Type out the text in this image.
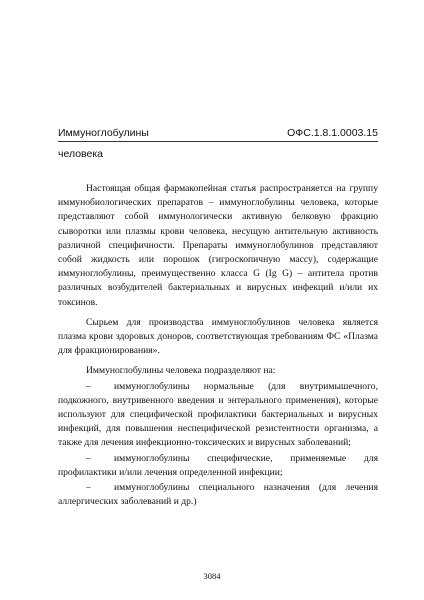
Иммуноглобулины	ОФС.1.8.1.0003.15
человека

Настоящая общая фармакопейная статья распространяется на группу иммунобиологических препаратов – иммуноглобулины человека, которые представляют собой иммунологически активную белковую фракцию сыворотки или плазмы крови человека, несущую антительную активность различной специфичности. Препараты иммуноглобулинов представляют собой жидкость или порошок (гигроскопичную массу), содержащие иммуноглобулины, преимущественно класса G (Ig G) – антитела против различных возбудителей бактериальных и вирусных инфекций и/или их токсинов.

Сырьем для производства иммуноглобулинов человека является плазма крови здоровых доноров, соответствующая требованиям ФС «Плазма для фракционирования».

Иммуноглобулины человека подразделяют на:

– иммуноглобулины нормальные (для внутримышечного, подкожного, внутривенного введения и энтерального применения), которые используют для специфической профилактики бактериальных и вирусных инфекций, для повышения неспецифической резистентности организма, а также для лечения инфекционно-токсических и вирусных заболеваний;

– иммуноглобулины специфические, применяемые для профилактики и/или лечения определенной инфекции;

– иммуноглобулины специального назначения (для лечения аллергических заболеваний и др.)

3084
